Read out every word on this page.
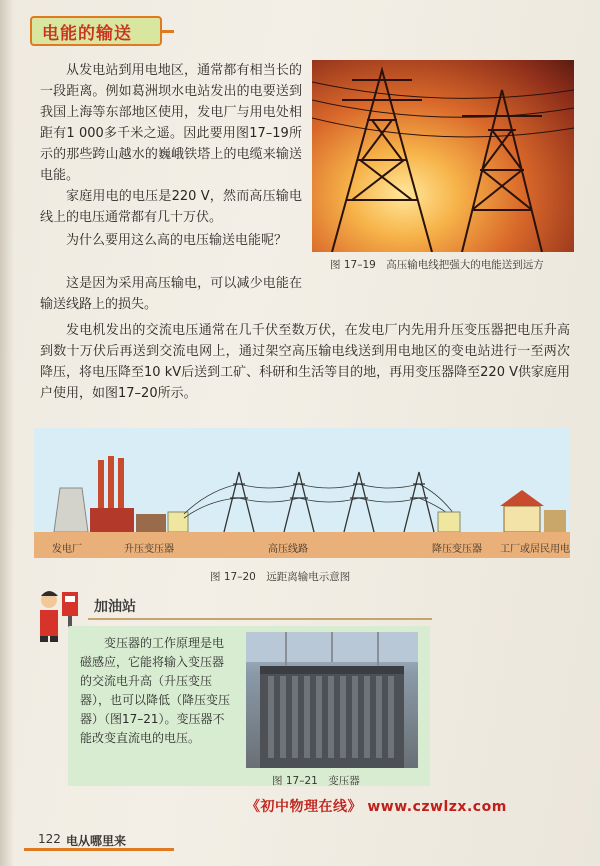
电能的输送

从发电站到用电地区，通常都有相当长的一段距离。例如葛洲坝水电站发出的电要送到我国上海等东部地区使用，发电厂与用电处相距有1 000多千米之遥。因此要用图17–19所示的那些跨山越水的巍峨铁塔上的电缆来输送电能。

家庭用电的电压是220 V，然而高压输电线上的电压通常都有几十万伏。

为什么要用这么高的电压输送电能呢？

这是因为采用高压输电，可以减少电能在输送线路上的损失。

发电机发出的交流电压通常在几千伏至数万伏，在发电厂内先用升压变压器把电压升高到数十万伏后再送到交流电网上，通过架空高压输电线送到用电地区的变电站进行一至两次降压，将电压降至10 kV后送到工矿、科研和生活等目的地，再用变压器降至220 V供家庭用户使用，如图17–20所示。

图 17–19　高压输电线把强大的电能送到远方
发电厂	升压变压器	高压线路	降压变压器 工厂或居民用电
图 17–20　远距离输电示意图
加油站

变压器的工作原理是电磁感应，它能将输入变压器的交流电升高（升压变压器），也可以降低（降压变压器）（图17–21）。变压器不能改变直流电的电压。

图 17–21　变压器
《初中物理在线》 www.czwlzx.com
122 电从哪里来
